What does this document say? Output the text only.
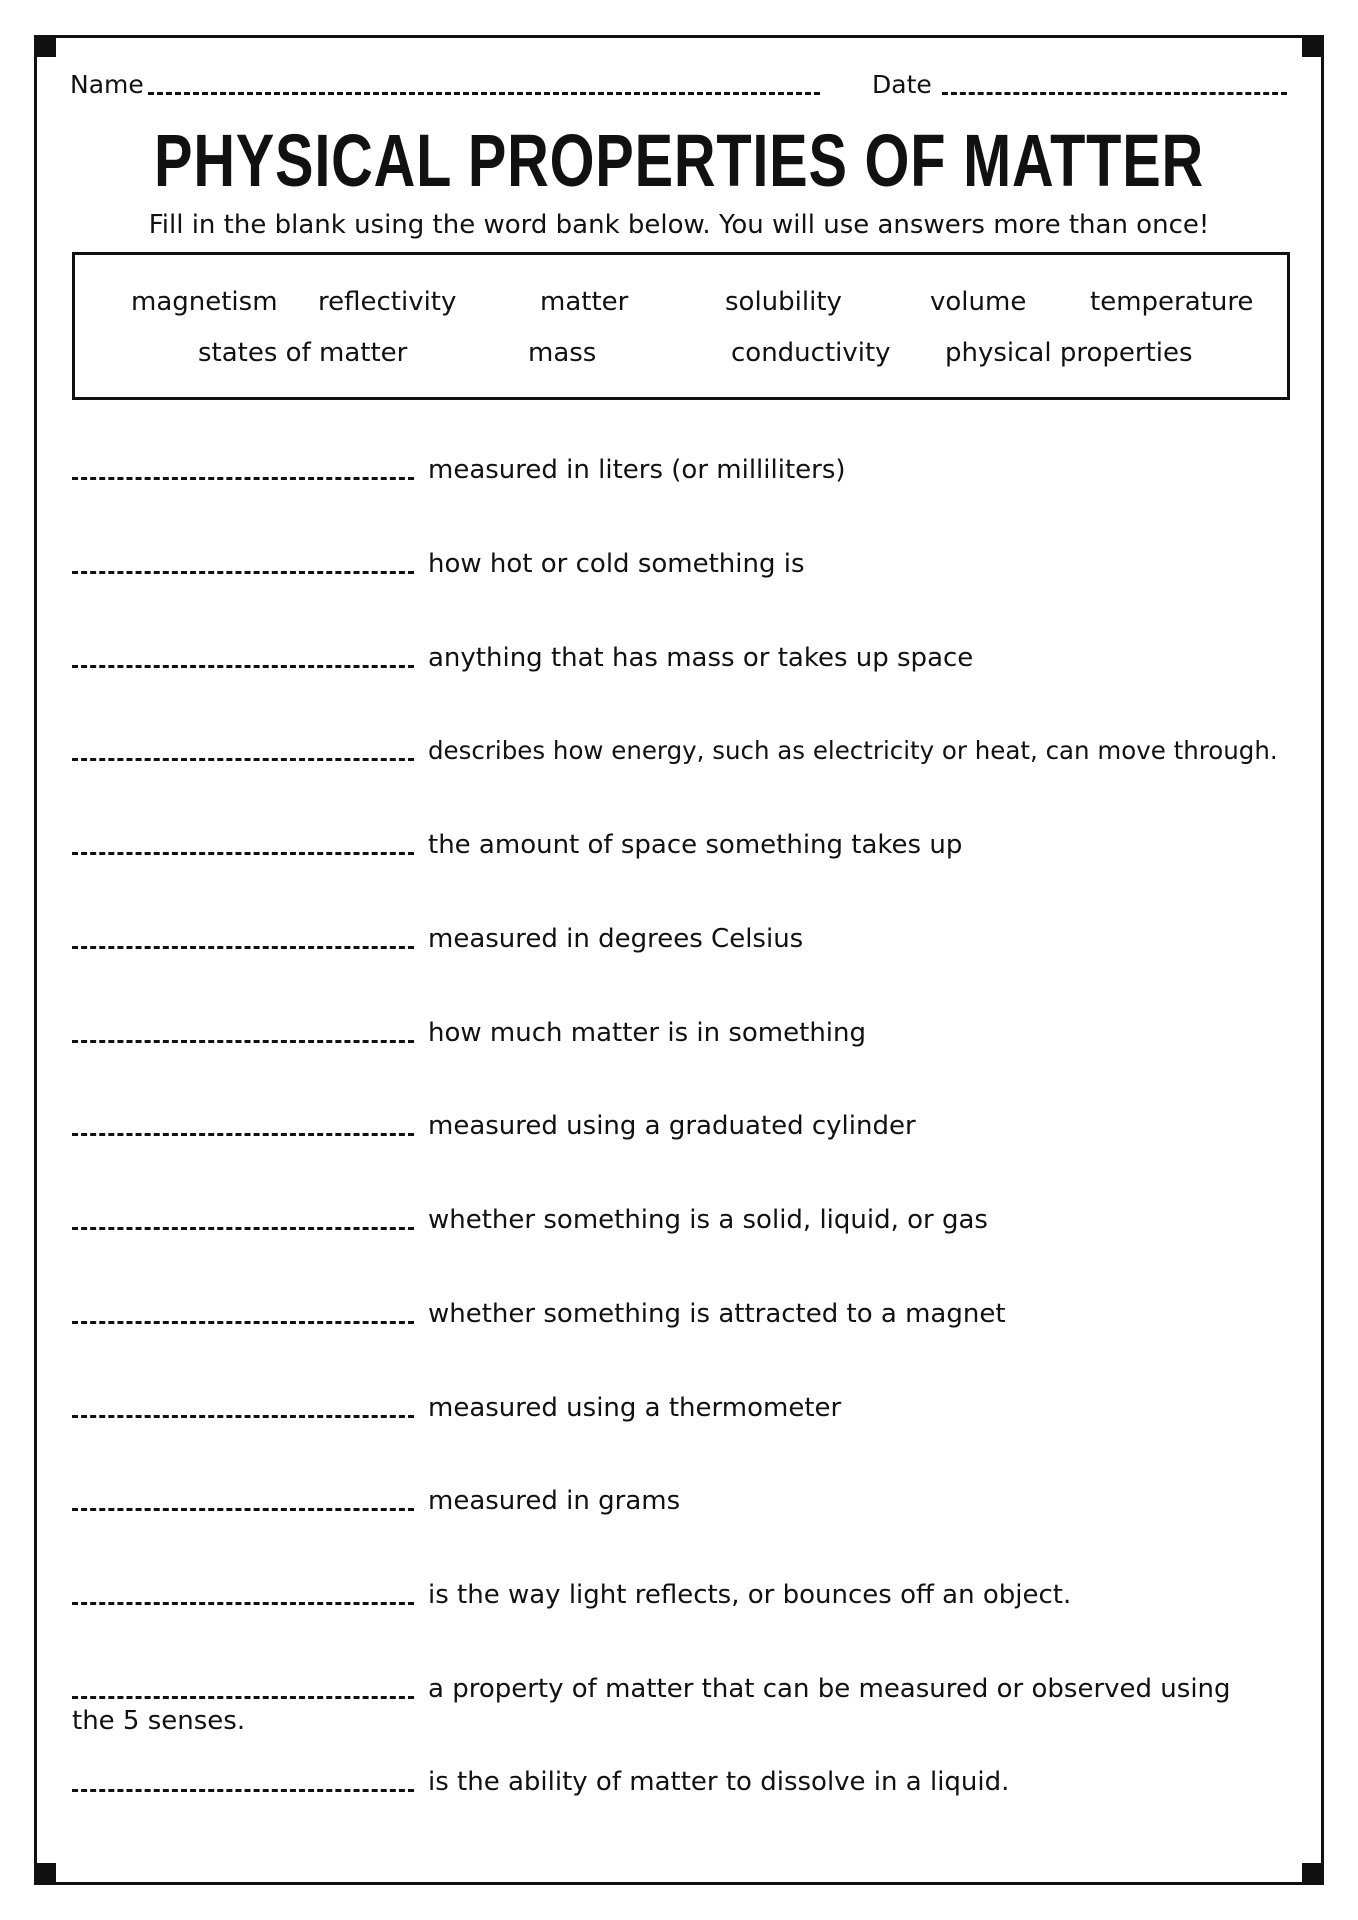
Name	Date
PHYSICAL PROPERTIES OF MATTER
Fill in the blank using the word bank below. You will use answers more than once!
magnetism reflectivity	matter	solubility	volume temperature
states of matter	mass	conductivity physical properties
measured in liters (or milliliters)
how hot or cold something is
anything that has mass or takes up space
describes how energy, such as electricity or heat, can move through.
the amount of space something takes up
measured in degrees Celsius
how much matter is in something
measured using a graduated cylinder
whether something is a solid, liquid, or gas
whether something is attracted to a magnet
measured using a thermometer
measured in grams
is the way light reflects, or bounces off an object.
a property of matter that can be measured or observed using
the 5 senses.
is the ability of matter to dissolve in a liquid.
